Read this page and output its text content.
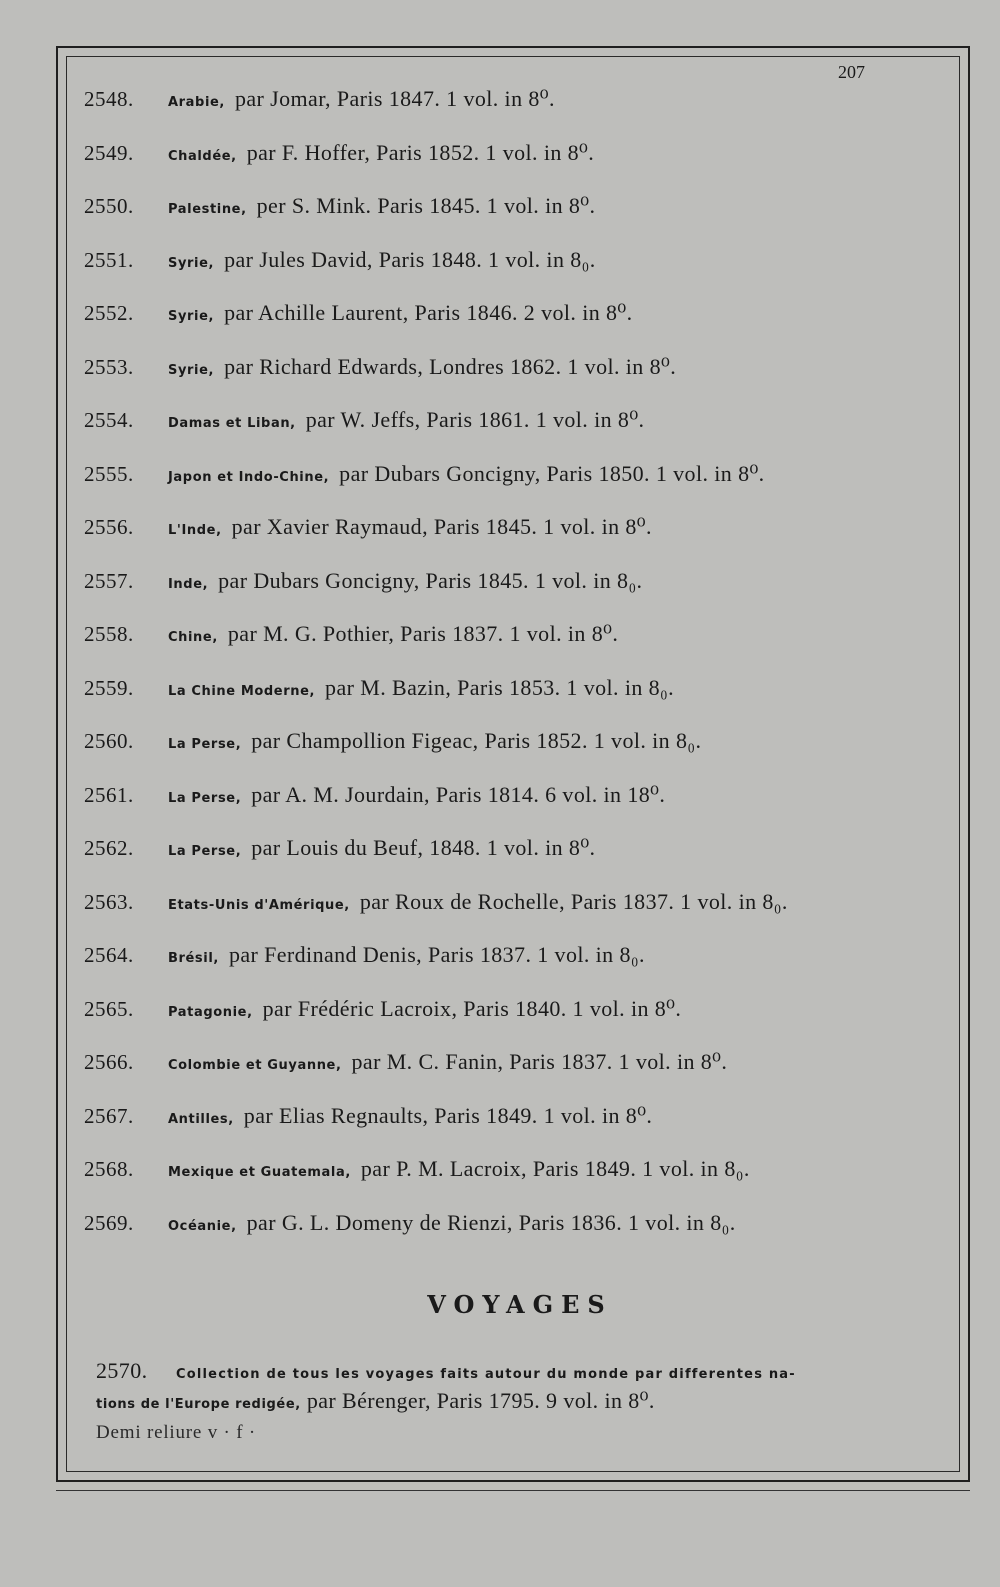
207
2548.	Arabie, par Jomar, Paris 1847. 1 vol. in 8⁰.
2549.	Chaldée, par F. Hoffer, Paris 1852. 1 vol. in 8⁰.
2550.	Palestine, per S. Mink. Paris 1845. 1 vol. in 8⁰.
2551.	Syrie, par Jules David, Paris 1848. 1 vol. in 8₀.
2552.	Syrie, par Achille Laurent, Paris 1846. 2 vol. in 8⁰.
2553.	Syrie, par Richard Edwards, Londres 1862. 1 vol. in 8⁰.
2554.	Damas et Liban, par W. Jeffs, Paris 1861. 1 vol. in 8⁰.
2555.	Japon et Indo-Chine, par Dubars Goncigny, Paris 1850. 1 vol. in 8⁰.
2556.	L'Inde, par Xavier Raymaud, Paris 1845. 1 vol. in 8⁰.
2557.	Inde, par Dubars Goncigny, Paris 1845. 1 vol. in 8₀.
2558.	Chine, par M. G. Pothier, Paris 1837. 1 vol. in 8⁰.
2559.	La Chine Moderne, par M. Bazin, Paris 1853. 1 vol. in 8₀.
2560.	La Perse, par Champollion Figeac, Paris 1852. 1 vol. in 8₀.
2561.	La Perse, par A. M. Jourdain, Paris 1814. 6 vol. in 18⁰.
2562.	La Perse, par Louis du Beuf, 1848. 1 vol. in 8⁰.
2563.	Etats-Unis d'Amérique, par Roux de Rochelle, Paris 1837. 1 vol. in 8₀.
2564.	Brésil, par Ferdinand Denis, Paris 1837. 1 vol. in 8₀.
2565.	Patagonie, par Frédéric Lacroix, Paris 1840. 1 vol. in 8⁰.
2566.	Colombie et Guyanne, par M. C. Fanin, Paris 1837. 1 vol. in 8⁰.
2567.	Antilles, par Elias Regnaults, Paris 1849. 1 vol. in 8⁰.
2568.	Mexique et Guatemala, par P. M. Lacroix, Paris 1849. 1 vol. in 8₀.
2569.	Océanie, par G. L. Domeny de Rienzi, Paris 1836. 1 vol. in 8₀.
VOYAGES
2570.	Collection de tous les voyages faits autour du monde par differentes na-
tions de l'Europe redigée, par Bérenger, Paris 1795. 9 vol. in 8⁰.
Demi reliure v · f ·
